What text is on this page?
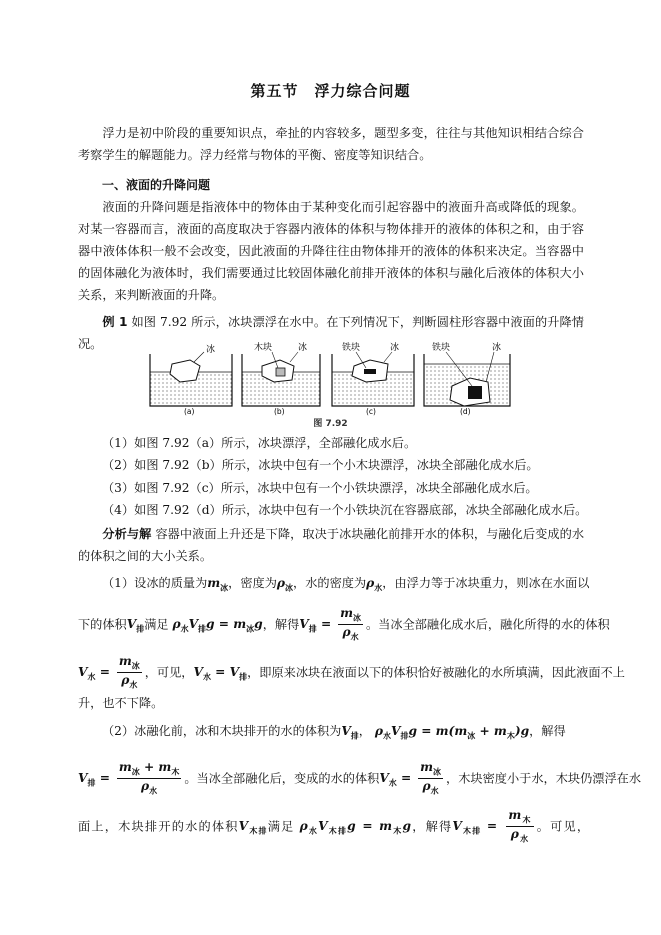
第五节　浮力综合问题
浮力是初中阶段的重要知识点，牵扯的内容较多，题型多变，往往与其他知识相结合综合考察学生的解题能力。浮力经常与物体的平衡、密度等知识结合。
一、液面的升降问题
液面的升降问题是指液体中的物体由于某种变化而引起容器中的液面升高或降低的现象。对某一容器而言，液面的高度取决于容器内液体的体积与物体排开的液体的体积之和，由于容器中液体体积一般不会改变，因此液面的升降往往由物体排开的液体的体积来决定。当容器中的固体融化为液体时，我们需要通过比较固体融化前排开液体的体积与融化后液体的体积大小关系，来判断液面的升降。
例 1 如图 7.92 所示，冰块漂浮在水中。在下列情况下，判断圆柱形容器中液面的升降情况。	冰	木块	冰	铁块	冰	铁块	冰
(a)	(b)	(c)	(d)
图 7.92
（1）如图 7.92（a）所示，冰块漂浮，全部融化成水后。
（2）如图 7.92（b）所示，冰块中包有一个小木块漂浮，冰块全部融化成水后。
（3）如图 7.92（c）所示，冰块中包有一个小铁块漂浮，冰块全部融化成水后。
（4）如图 7.92（d）所示，冰块中包有一个小铁块沉在容器底部，冰块全部融化成水后。
分析与解 容器中液面上升还是下降，取决于冰块融化前排开水的体积，与融化后变成的水的体积之间的大小关系。
（1）设冰的质量为$m_冰$，密度为$\rho_冰$，水的密度为$\rho_水$，由浮力等于冰块重力，则冰在水面以
下的体积$V_排$满足 $\rho_水V_排g = m_冰g$，解得$V_排 = \frac{m_冰}{\rho_水}$ 。当冰全部融化成水后，融化所得的水的体积
$V_水 = \frac{m_冰}{\rho_水}$ ，可见，$V_水 = V_排$，即原来冰块在液面以下的体积恰好被融化的水所填满，因此液面不上
升，也不下降。
（2）冰融化前，冰和木块排开的水的体积为$V_排$， $\rho_水V_排g = m(m_冰 + m_木)g$，解得
$V_排 = \frac{m_冰 + m_木}{\rho_水}$ 。当冰全部融化后，变成的水的体积$V_水 = \frac{m_冰}{\rho_水}$ ，木块密度小于水，木块仍漂浮在水
面上，木块排开的水的体积$V_{木排}$满足 $\rho_水V_{木排}g = m_木g$，解得$V_{木排} = \frac{m_木}{\rho_水}$ 。可见，
